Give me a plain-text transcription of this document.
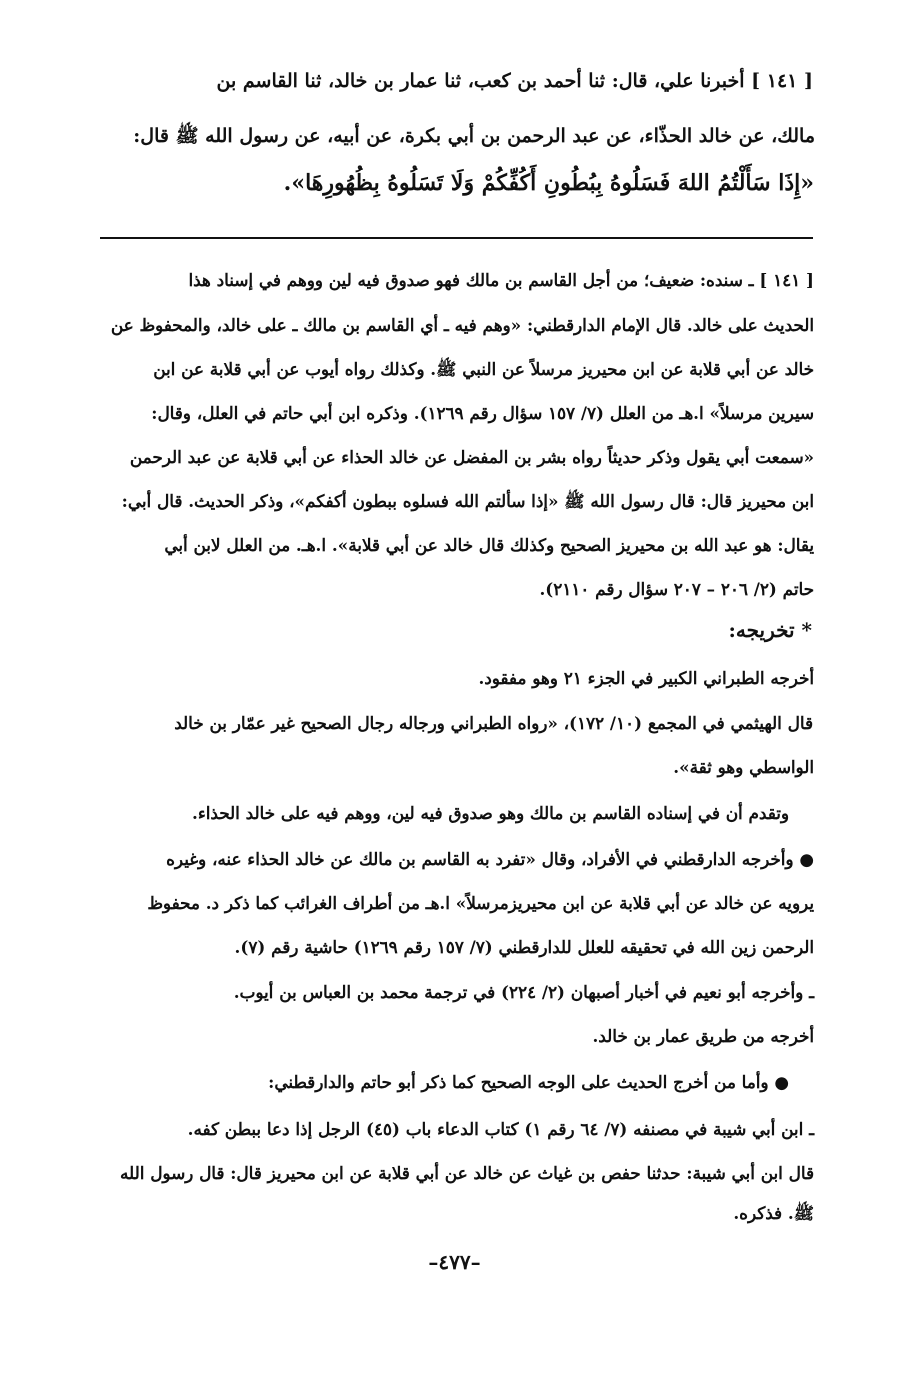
[ ١٤١ ] أخبرنا علي، قال: ثنا أحمد بن كعب، ثنا عمار بن خالد، ثنا القاسم بن
مالك، عن خالد الحذّاء، عن عبد الرحمن بن أبي بكرة، عن أبيه، عن رسول الله ﷺ قال:
«إِذَا سَأَلْتُمُ اللهَ فَسَلُوهُ بِبُطُونِ أَكُفِّكُمْ وَلَا تَسَلُوهُ بِظُهُورِهَا».
[ ١٤١ ] ـ سنده: ضعيف؛ من أجل القاسم بن مالك فهو صدوق فيه لين ووهم في إسناد هذا
الحديث على خالد. قال الإمام الدارقطني: «وهم فيه ـ أي القاسم بن مالك ـ على خالد، والمحفوظ عن
خالد عن أبي قلابة عن ابن محيريز مرسلاً عن النبي ﷺ. وكذلك رواه أيوب عن أبي قلابة عن ابن
سيرين مرسلاً» ا.هـ من العلل (٧/ ١٥٧ سؤال رقم ١٢٦٩). وذكره ابن أبي حاتم في العلل، وقال:
«سمعت أبي يقول وذكر حديثاً رواه بشر بن المفضل عن خالد الحذاء عن أبي قلابة عن عبد الرحمن
ابن محيريز قال: قال رسول الله ﷺ «إذا سألتم الله فسلوه ببطون أكفكم»، وذكر الحديث. قال أبي:
يقال: هو عبد الله بن محيريز الصحيح وكذلك قال خالد عن أبي قلابة». ا.هـ. من العلل لابن أبي
حاتم (٢/ ٢٠٦ – ٢٠٧ سؤال رقم ٢١١٠).
* تخريجه:
أخرجه الطبراني الكبير في الجزء ٢١ وهو مفقود.
قال الهيثمي في المجمع (١٠/ ١٧٢)، «رواه الطبراني ورجاله رجال الصحيح غير عمّار بن خالد
الواسطي وهو ثقة».
وتقدم أن في إسناده القاسم بن مالك وهو صدوق فيه لين، ووهم فيه على خالد الحذاء.
● وأخرجه الدارقطني في الأفراد، وقال «تفرد به القاسم بن مالك عن خالد الحذاء عنه، وغيره
يرويه عن خالد عن أبي قلابة عن ابن محيريزمرسلاً» ا.هـ من أطراف الغرائب كما ذكر د. محفوظ
الرحمن زين الله في تحقيقه للعلل للدارقطني (٧/ ١٥٧ رقم ١٢٦٩) حاشية رقم (٧).
ـ وأخرجه أبو نعيم في أخبار أصبهان (٢/ ٢٢٤) في ترجمة محمد بن العباس بن أيوب.
أخرجه من طريق عمار بن خالد.
● وأما من أخرج الحديث على الوجه الصحيح كما ذكر أبو حاتم والدارقطني:
ـ ابن أبي شيبة في مصنفه (٧/ ٦٤ رقم ١) كتاب الدعاء باب (٤٥) الرجل إذا دعا ببطن كفه.
قال ابن أبي شيبة: حدثنا حفص بن غياث عن خالد عن أبي قلابة عن ابن محيريز قال: قال رسول الله
ﷺ. فذكره.
–٤٧٧–
